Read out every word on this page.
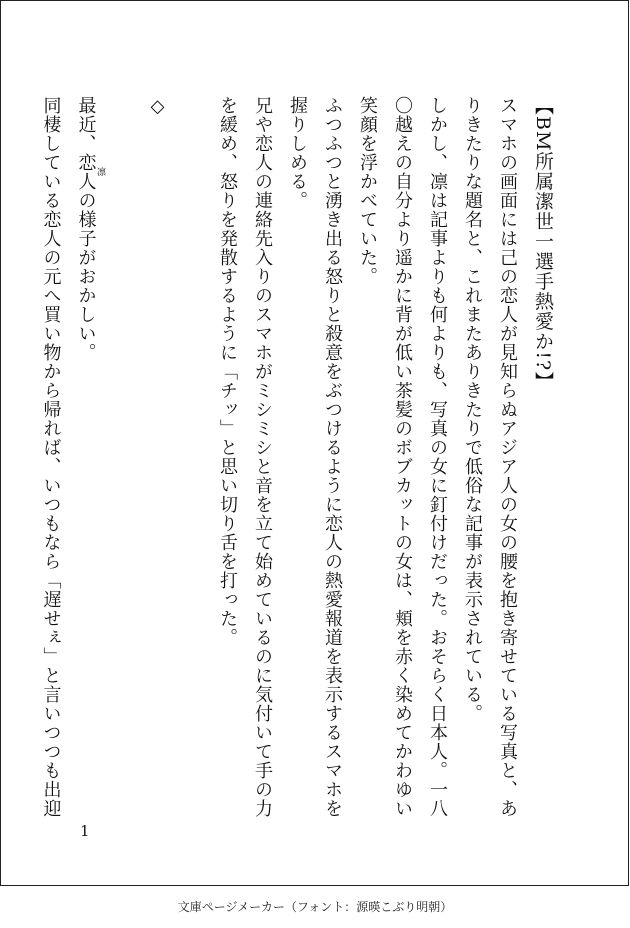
【BM所属潔世一選手熱愛か!?】

スマホの画面には己の恋人が見知らぬアジア人の女の腰を抱き寄せている写真と、ありきたりな題名と、これまたありきたりで低俗な記事が表示されている。

しかし、凛は記事よりも何よりも、写真の女に釘付けだった。おそらく日本人。一八〇越えの自分より遥かに背が低い茶髪のボブカットの女は、頬を赤く染めてかわゆい笑顔を浮かべていた。

ふつふつと湧き出る怒りと殺意をぶつけるように恋人の熱愛報道を表示するスマホを握りしめる。

兄や恋人の連絡先入りのスマホがミシミシと音を立て始めているのに気付いて手の力を緩め、怒りを発散するように「チッ」と思い切り舌を打った。

◇

最近、恋人凛の様子がおかしい。

同棲している恋人の元へ買い物から帰れば、いつもなら「遅せぇ」と言いつつも出迎

1
文庫ページメーカー（フォント：源暎こぶり明朝）
